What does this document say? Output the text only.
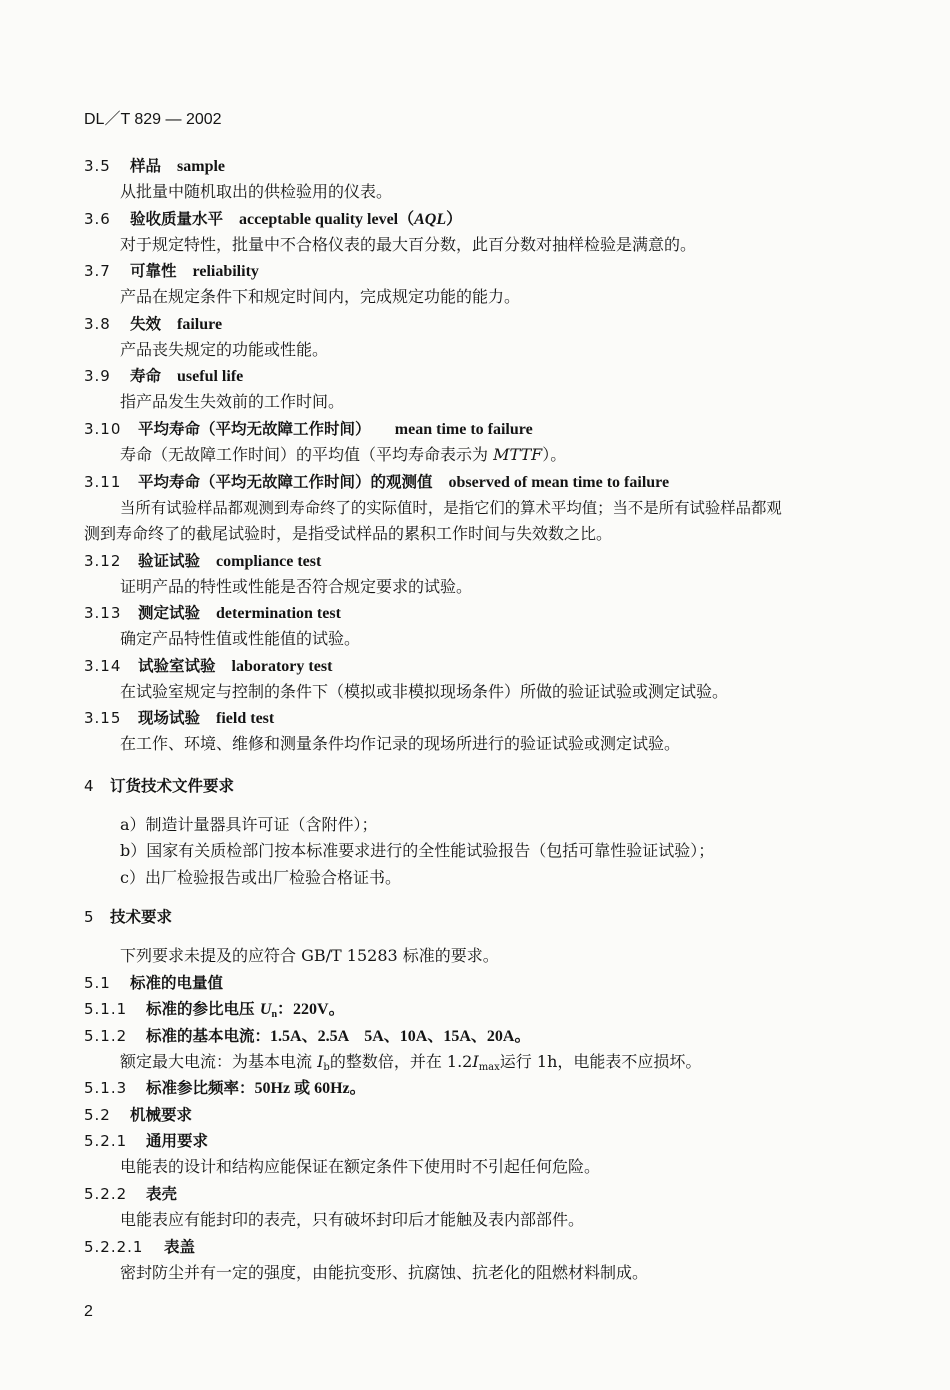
DL／T 829 — 2002
3.5 样品　 sample
从批量中随机取出的供检验用的仪表。
3.6 验收质量水平　 acceptable quality level（AQL）
对于规定特性，批量中不合格仪表的最大百分数，此百分数对抽样检验是满意的。
3.7 可靠性　 reliability
产品在规定条件下和规定时间内，完成规定功能的能力。
3.8 失效　 failure
产品丧失规定的功能或性能。
3.9 寿命　 useful life
指产品发生失效前的工作时间。
3.10 平均寿命（平均无故障工作时间）　　 mean time to failure
寿命（无故障工作时间）的平均值（平均寿命表示为 MTTF）。
3.11 平均寿命（平均无故障工作时间）的观测值　 observed of mean time to failure
当所有试验样品都观测到寿命终了的实际值时，是指它们的算术平均值；当不是所有试验样品都观
测到寿命终了的截尾试验时，是指受试样品的累积工作时间与失效数之比。
3.12 验证试验　 compliance test
证明产品的特性或性能是否符合规定要求的试验。
3.13 测定试验　 determination test
确定产品特性值或性能值的试验。
3.14 试验室试验　 laboratory test
在试验室规定与控制的条件下（模拟或非模拟现场条件）所做的验证试验或测定试验。
3.15 现场试验　 field test
在工作、环境、维修和测量条件均作记录的现场所进行的验证试验或测定试验。
4 订货技术文件要求
a）制造计量器具许可证（含附件）；
b）国家有关质检部门按本标准要求进行的全性能试验报告（包括可靠性验证试验）；
c）出厂检验报告或出厂检验合格证书。
5 技术要求
下列要求未提及的应符合 GB/T 15283 标准的要求。
5.1 标准的电量值
5.1.1 标准的参比电压 $U_n$：220V。
5.1.2 标准的基本电流：1.5A、2.5A　5A、10A、15A、20A。
额定最大电流：为基本电流 $I_b$的整数倍，并在 $1.2I_{max}$运行 1h，电能表不应损坏。
5.1.3 标准参比频率：50Hz 或 60Hz。
5.2 机械要求
5.2.1 通用要求
电能表的设计和结构应能保证在额定条件下使用时不引起任何危险。
5.2.2 表壳
电能表应有能封印的表壳，只有破坏封印后才能触及表内部部件。
5.2.2.1 表盖
密封防尘并有一定的强度，由能抗变形、抗腐蚀、抗老化的阻燃材料制成。
2
